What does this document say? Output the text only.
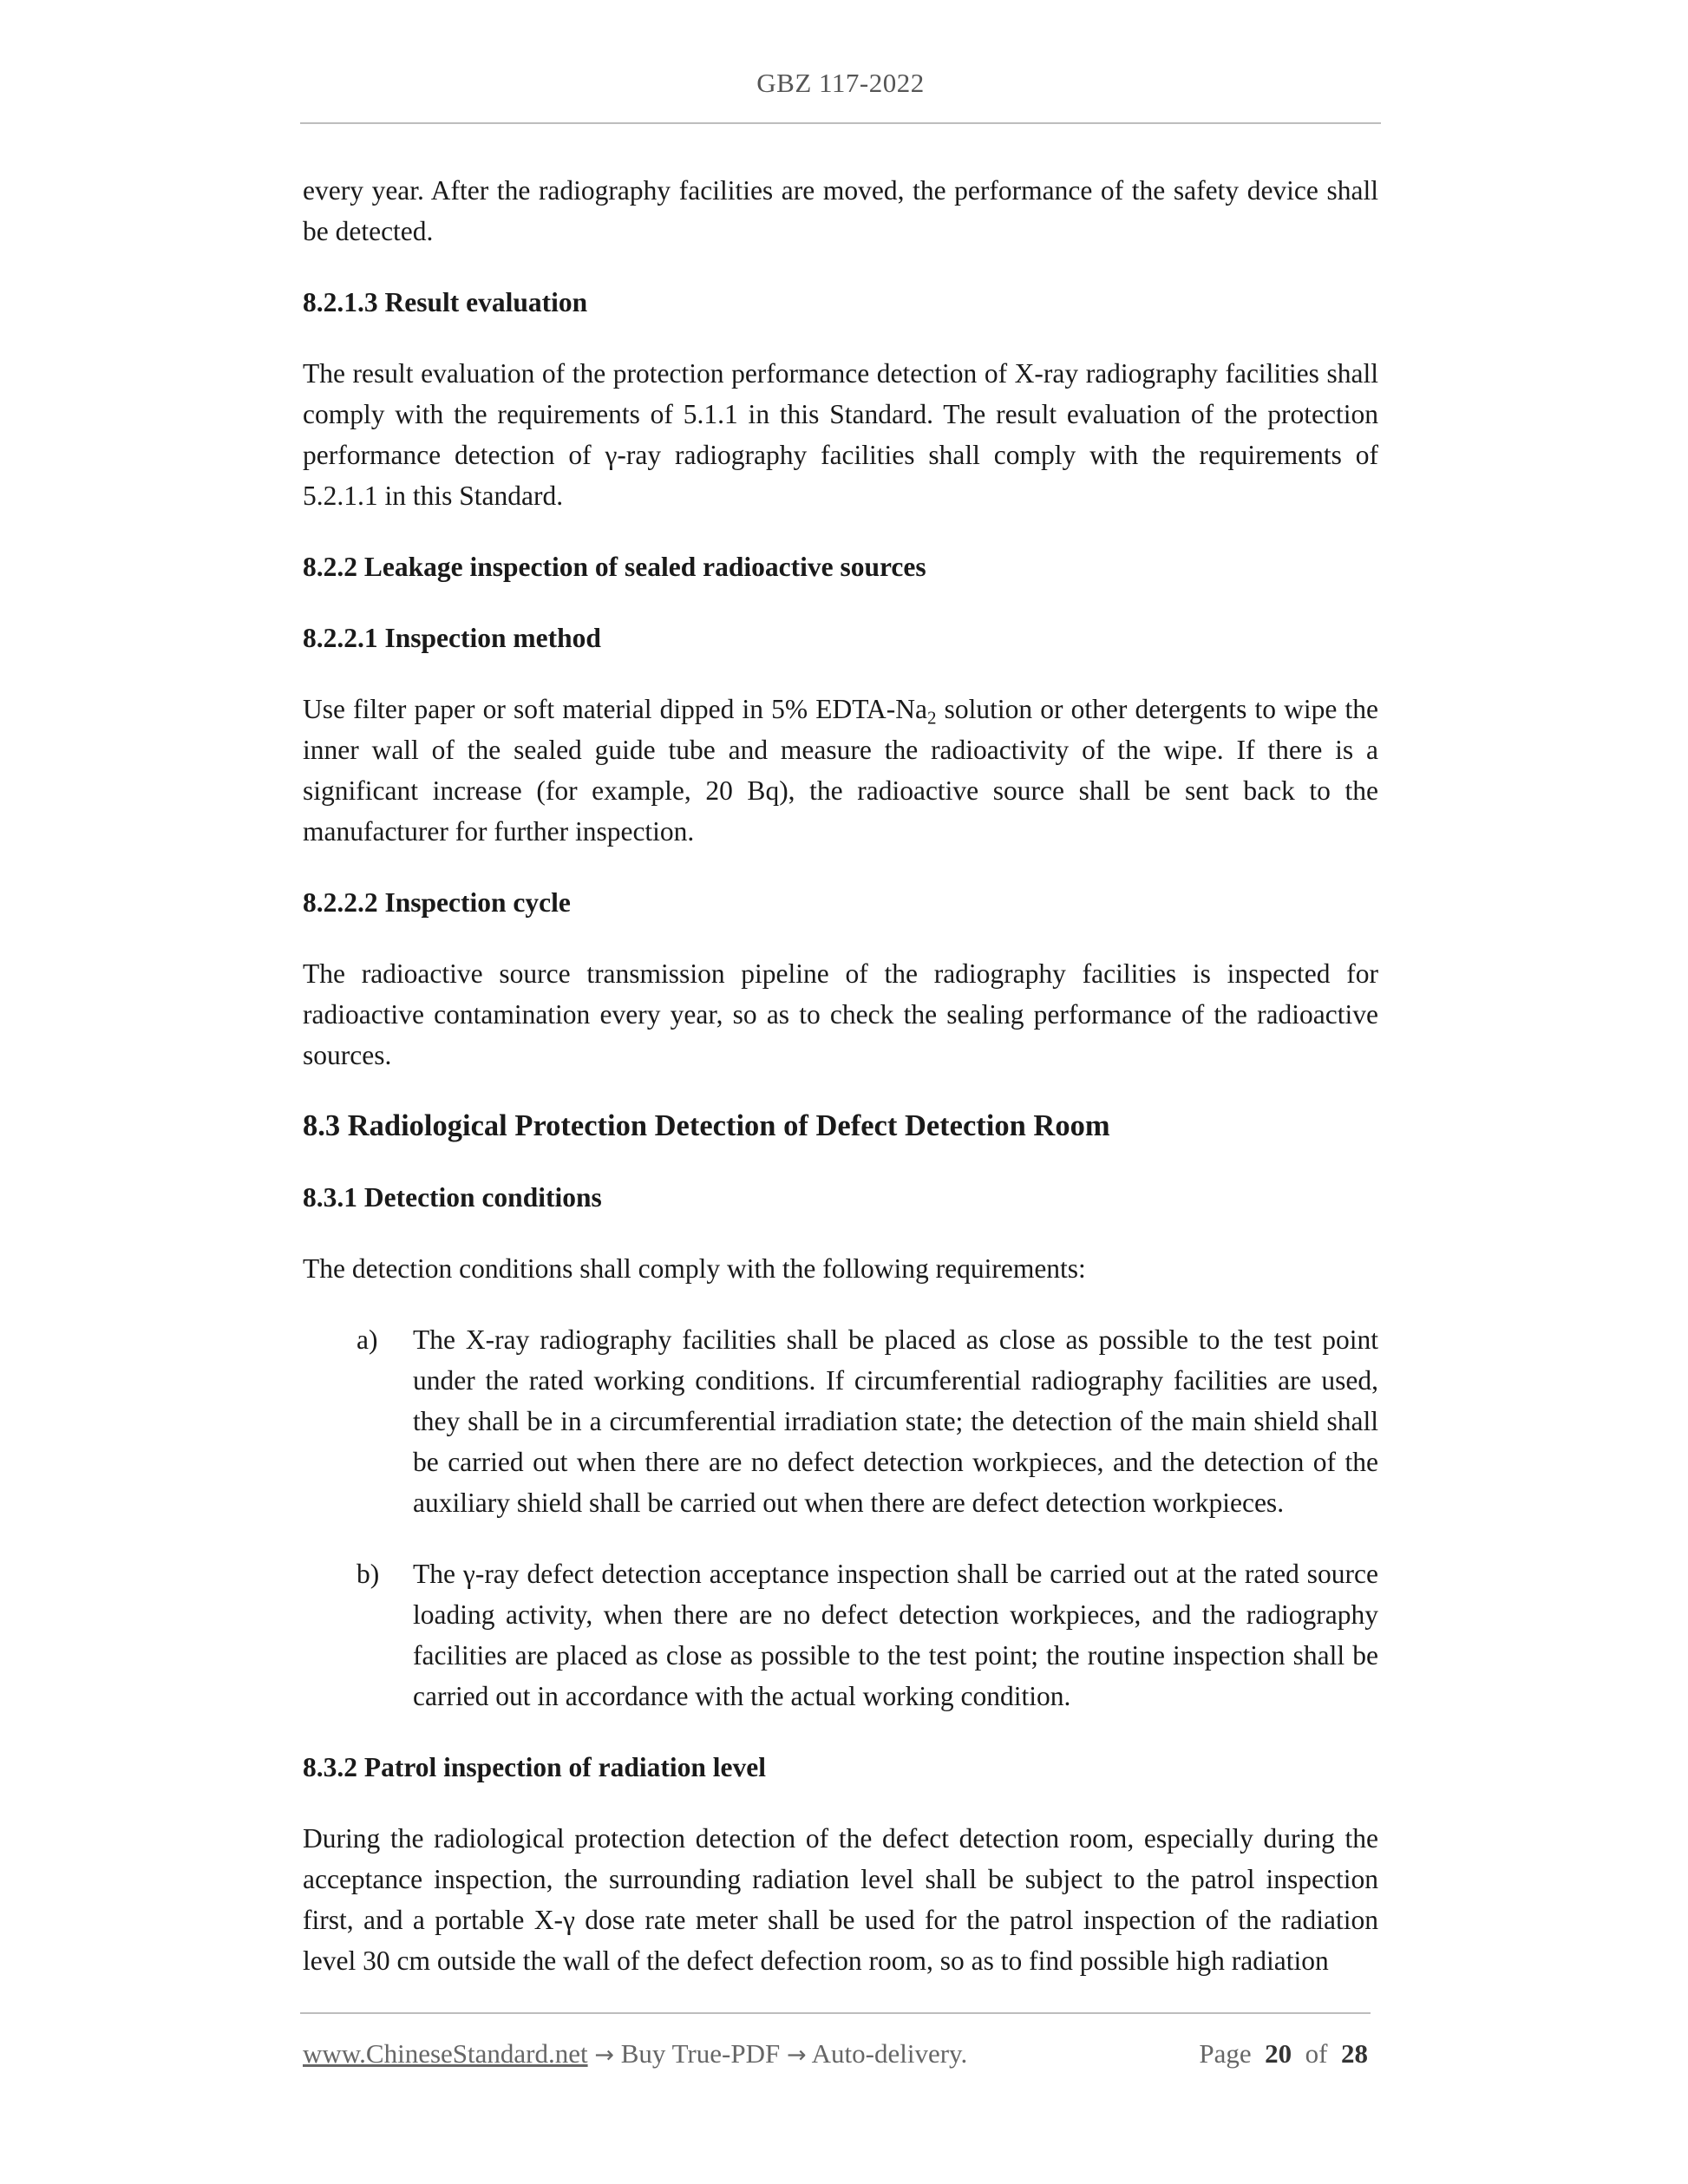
GBZ 117-2022

every year. After the radiography facilities are moved, the performance of the safety device shall be detected.

8.2.1.3 Result evaluation

The result evaluation of the protection performance detection of X-ray radiography facilities shall comply with the requirements of 5.1.1 in this Standard. The result evaluation of the protection performance detection of γ-ray radiography facilities shall comply with the requirements of 5.2.1.1 in this Standard.

8.2.2 Leakage inspection of sealed radioactive sources
8.2.2.1 Inspection method

Use filter paper or soft material dipped in 5% EDTA-$Na_2$ solution or other detergents to wipe the inner wall of the sealed guide tube and measure the radioactivity of the wipe. If there is a significant increase (for example, 20 Bq), the radioactive source shall be sent back to the manufacturer for further inspection.

8.2.2.2 Inspection cycle

The radioactive source transmission pipeline of the radiography facilities is inspected for radioactive contamination every year, so as to check the sealing performance of the radioactive sources.

8.3 Radiological Protection Detection of Defect Detection Room
8.3.1 Detection conditions

The detection conditions shall comply with the following requirements:

a) The X-ray radiography facilities shall be placed as close as possible to the test point under the rated working conditions. If circumferential radiography facilities are used, they shall be in a circumferential irradiation state; the detection of the main shield shall be carried out when there are no defect detection workpieces, and the detection of the auxiliary shield shall be carried out when there are defect detection workpieces.
b) The γ-ray defect detection acceptance inspection shall be carried out at the rated source loading activity, when there are no defect detection workpieces, and the radiography facilities are placed as close as possible to the test point; the routine inspection shall be carried out in accordance with the actual working condition.
8.3.2 Patrol inspection of radiation level

During the radiological protection detection of the defect detection room, especially during the acceptance inspection, the surrounding radiation level shall be subject to the patrol inspection first, and a portable X-γ dose rate meter shall be used for the patrol inspection of the radiation level 30 cm outside the wall of the defect defection room, so as to find possible high radiation

www.ChineseStandard.net → Buy True-PDF → Auto-delivery.	Page 20 of 28
